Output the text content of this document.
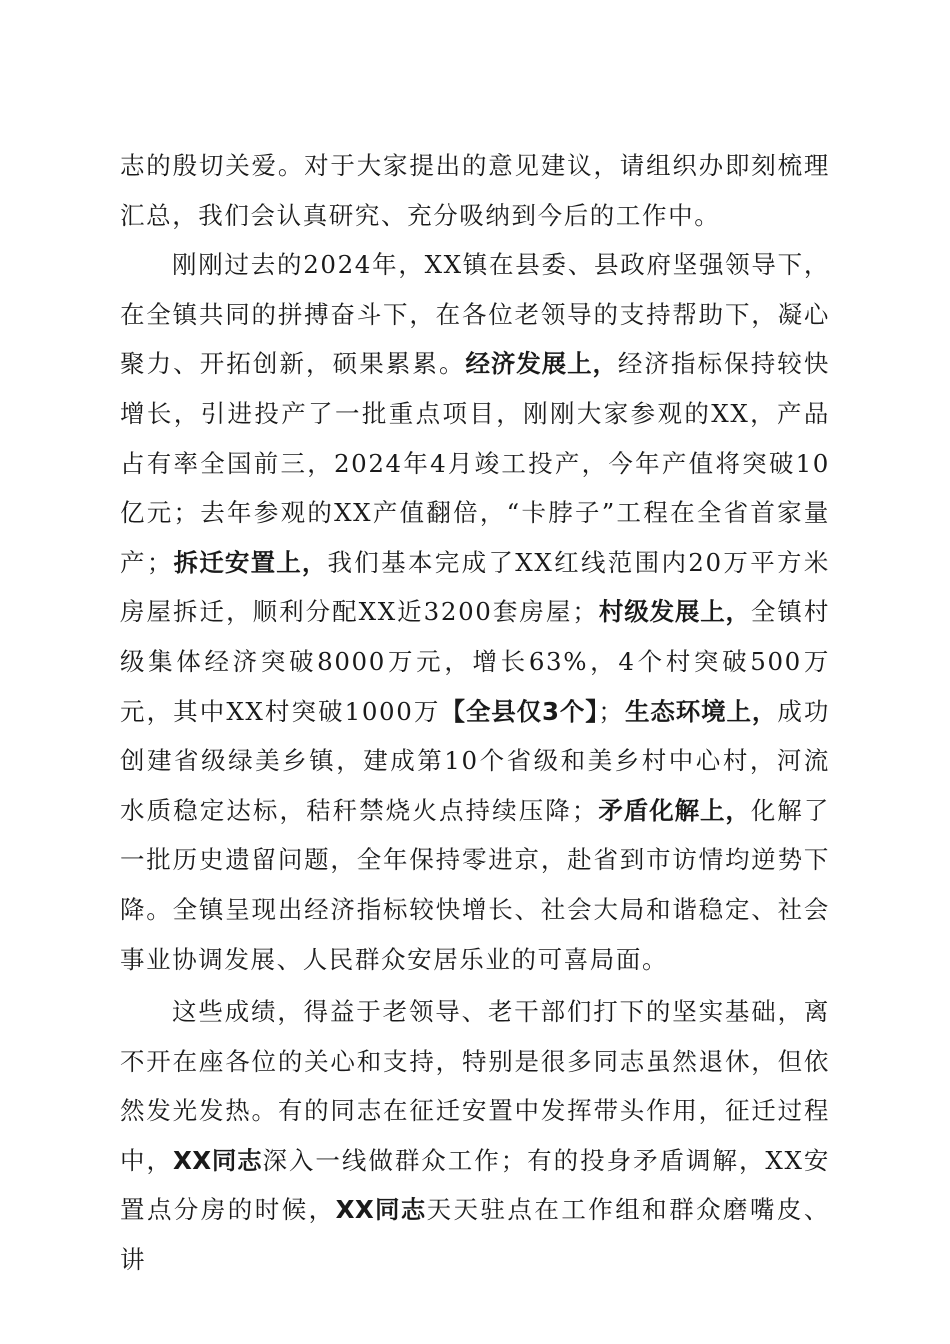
志的殷切关爱。对于大家提出的意见建议，请组织办即刻梳理汇总，我们会认真研究、充分吸纳到今后的工作中。

刚刚过去的2024年，XX镇在县委、县政府坚强领导下，在全镇共同的拼搏奋斗下，在各位老领导的支持帮助下，凝心聚力、开拓创新，硕果累累。经济发展上，经济指标保持较快增长，引进投产了一批重点项目，刚刚大家参观的XX，产品占有率全国前三，2024年4月竣工投产，今年产值将突破10亿元；去年参观的XX产值翻倍，“卡脖子”工程在全省首家量产；拆迁安置上，我们基本完成了XX红线范围内20万平方米房屋拆迁，顺利分配XX近3200套房屋；村级发展上，全镇村级集体经济突破8000万元，增长63%，4个村突破500万元，其中XX村突破1000万【全县仅3个】；生态环境上，成功创建省级绿美乡镇，建成第10个省级和美乡村中心村，河流水质稳定达标，秸秆禁烧火点持续压降；矛盾化解上，化解了一批历史遗留问题，全年保持零进京，赴省到市访情均逆势下降。全镇呈现出经济指标较快增长、社会大局和谐稳定、社会事业协调发展、人民群众安居乐业的可喜局面。

这些成绩，得益于老领导、老干部们打下的坚实基础，离不开在座各位的关心和支持，特别是很多同志虽然退休，但依然发光发热。有的同志在征迁安置中发挥带头作用，征迁过程中，XX同志深入一线做群众工作；有的投身矛盾调解，XX安置点分房的时候，XX同志天天驻点在工作组和群众磨嘴皮、讲
